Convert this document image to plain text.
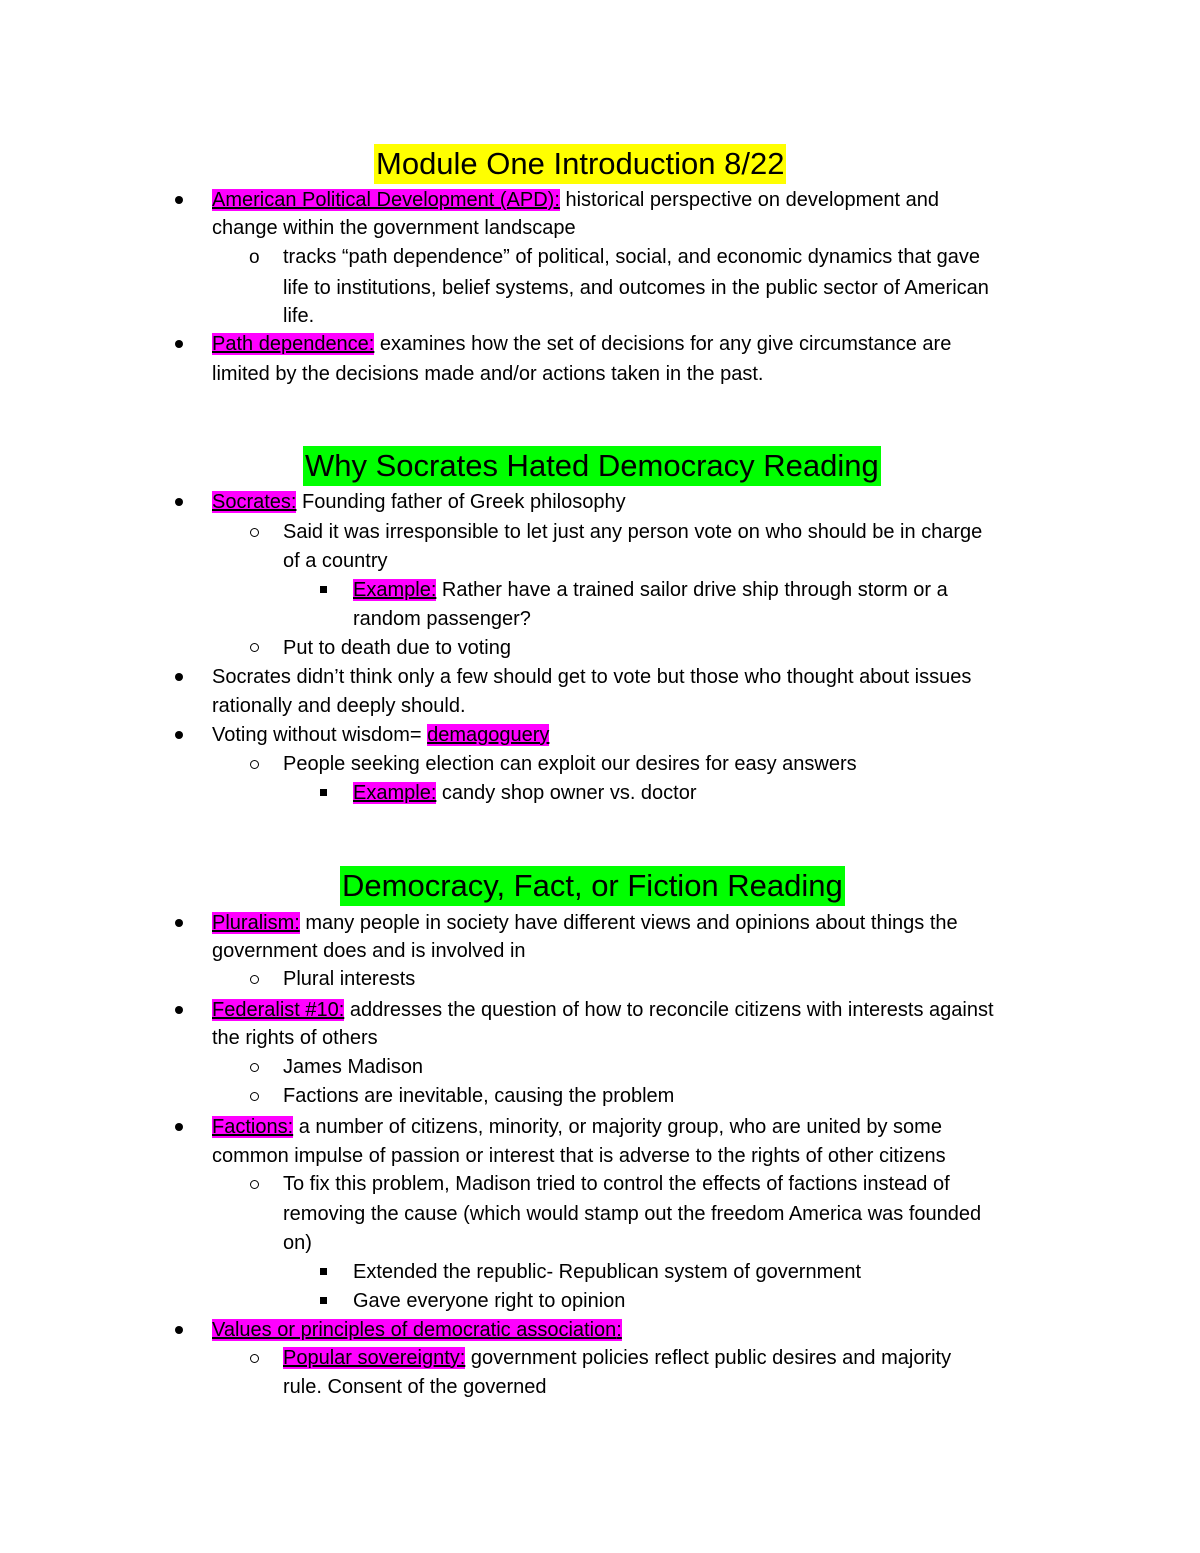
Module One Introduction 8/22
American Political Development (APD): historical perspective on development and
change within the government landscape
o tracks “path dependence” of political, social, and economic dynamics that gave
life to institutions, belief systems, and outcomes in the public sector of American
life.
Path dependence: examines how the set of decisions for any give circumstance are
limited by the decisions made and/or actions taken in the past.
Why Socrates Hated Democracy Reading
Socrates: Founding father of Greek philosophy
Said it was irresponsible to let just any person vote on who should be in charge
of a country
Example: Rather have a trained sailor drive ship through storm or a
random passenger?
Put to death due to voting
Socrates didn’t think only a few should get to vote but those who thought about issues
rationally and deeply should.
Voting without wisdom= demagoguery
People seeking election can exploit our desires for easy answers
Example: candy shop owner vs. doctor
Democracy, Fact, or Fiction Reading
Pluralism: many people in society have different views and opinions about things the
government does and is involved in
Plural interests
Federalist #10: addresses the question of how to reconcile citizens with interests against
the rights of others
James Madison
Factions are inevitable, causing the problem
Factions: a number of citizens, minority, or majority group, who are united by some
common impulse of passion or interest that is adverse to the rights of other citizens
To fix this problem, Madison tried to control the effects of factions instead of
removing the cause (which would stamp out the freedom America was founded
on)
Extended the republic- Republican system of government
Gave everyone right to opinion
Values or principles of democratic association:
Popular sovereignty: government policies reflect public desires and majority
rule. Consent of the governed
